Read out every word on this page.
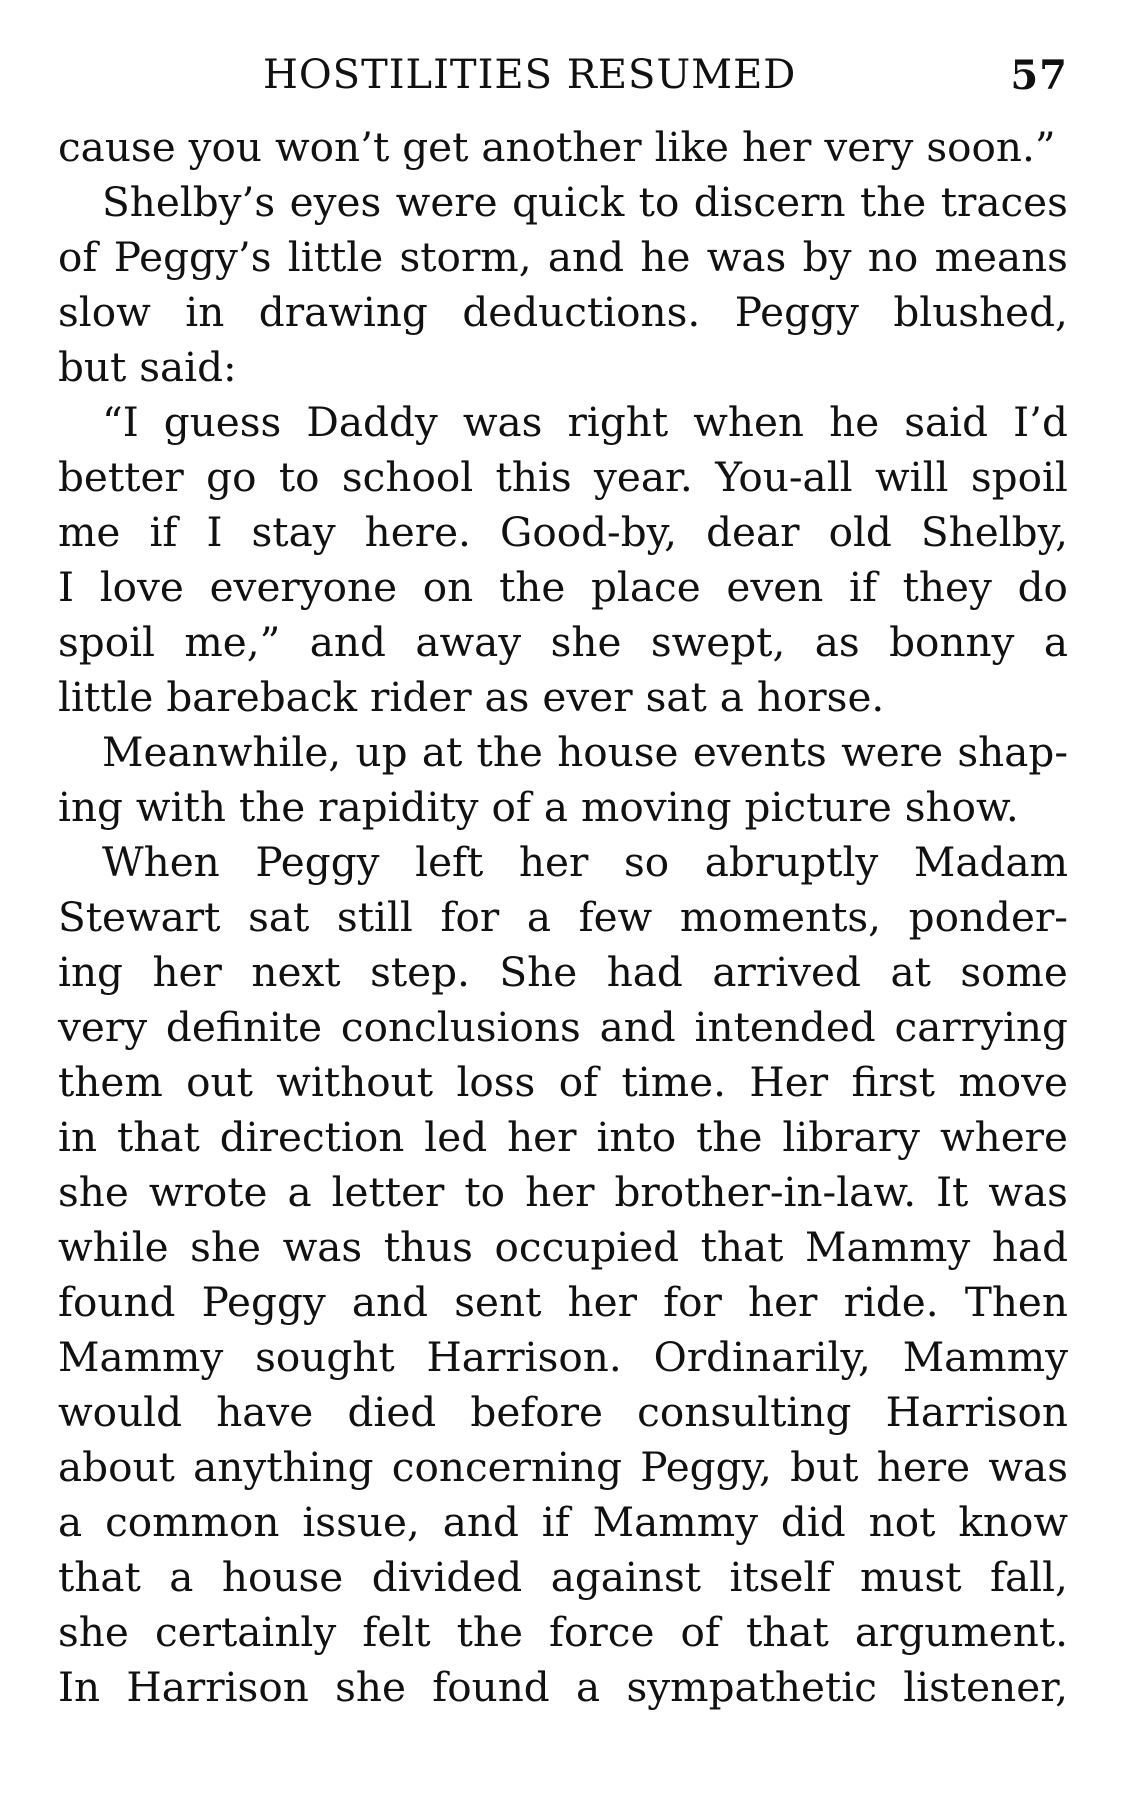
HOSTILITIES RESUMED	57
cause you won’t get another like her very soon.”
Shelby’s eyes were quick to discern the traces
of Peggy’s little storm, and he was by no means
slow in drawing deductions. Peggy blushed,
but said:
“I guess Daddy was right when he said I’d
better go to school this year. You-all will spoil
me if I stay here. Good-by, dear old Shelby,
I love everyone on the place even if they do
spoil me,” and away she swept, as bonny a
little bareback rider as ever sat a horse.
Meanwhile, up at the house events were shap-
ing with the rapidity of a moving picture show.
When Peggy left her so abruptly Madam
Stewart sat still for a few moments, ponder-
ing her next step. She had arrived at some
very definite conclusions and intended carrying
them out without loss of time. Her first move
in that direction led her into the library where
she wrote a letter to her brother-in-law. It was
while she was thus occupied that Mammy had
found Peggy and sent her for her ride. Then
Mammy sought Harrison. Ordinarily, Mammy
would have died before consulting Harrison
about anything concerning Peggy, but here was
a common issue, and if Mammy did not know
that a house divided against itself must fall,
she certainly felt the force of that argument.
In Harrison she found a sympathetic listener,
